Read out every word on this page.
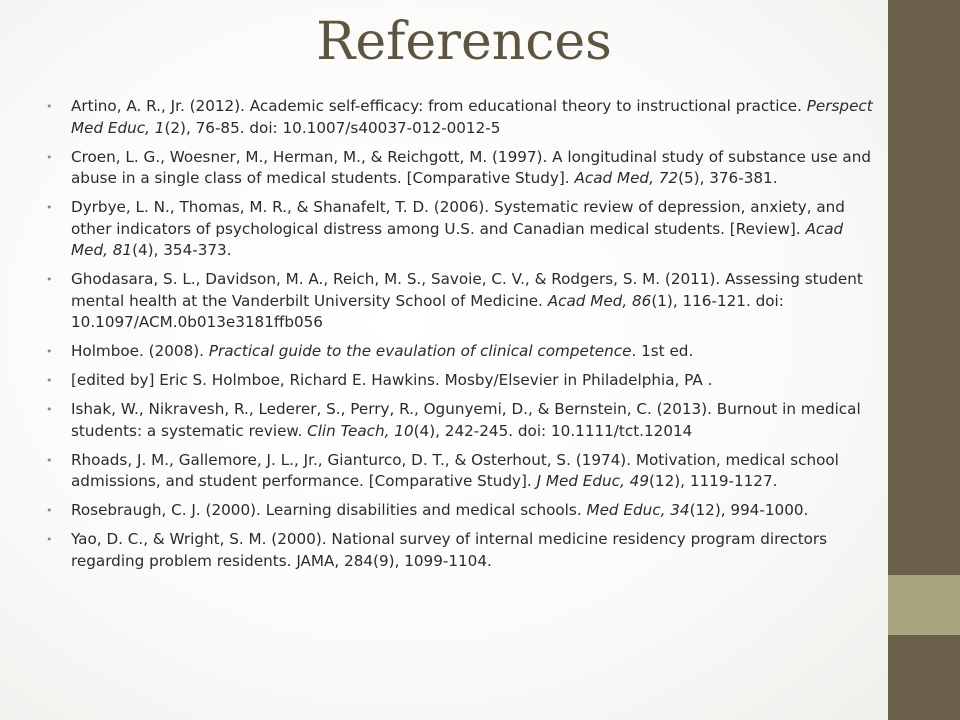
References
• Artino, A. R., Jr. (2012). Academic self-efficacy: from educational theory to instructional practice. Perspect Med Educ, 1(2), 76-85. doi: 10.1007/s40037-012-0012-5
• Croen, L. G., Woesner, M., Herman, M., & Reichgott, M. (1997). A longitudinal study of substance use and abuse in a single class of medical students. [Comparative Study]. Acad Med, 72(5), 376-381.
• Dyrbye, L. N., Thomas, M. R., & Shanafelt, T. D. (2006). Systematic review of depression, anxiety, and other indicators of psychological distress among U.S. and Canadian medical students. [Review]. Acad Med, 81(4), 354-373.
• Ghodasara, S. L., Davidson, M. A., Reich, M. S., Savoie, C. V., & Rodgers, S. M. (2011). Assessing student mental health at the Vanderbilt University School of Medicine. Acad Med, 86(1), 116-121. doi: 10.1097/ACM.0b013e3181ffb056
• Holmboe. (2008). Practical guide to the evaulation of clinical competence. 1st ed.
• [edited by] Eric S. Holmboe, Richard E. Hawkins. Mosby/Elsevier in Philadelphia, PA .
• Ishak, W., Nikravesh, R., Lederer, S., Perry, R., Ogunyemi, D., & Bernstein, C. (2013). Burnout in medical students: a systematic review. Clin Teach, 10(4), 242-245. doi: 10.1111/tct.12014
• Rhoads, J. M., Gallemore, J. L., Jr., Gianturco, D. T., & Osterhout, S. (1974). Motivation, medical school admissions, and student performance. [Comparative Study]. J Med Educ, 49(12), 1119-1127.
• Rosebraugh, C. J. (2000). Learning disabilities and medical schools. Med Educ, 34(12), 994-1000.
• Yao, D. C., & Wright, S. M. (2000). National survey of internal medicine residency program directors regarding problem residents. JAMA, 284(9), 1099-1104.
